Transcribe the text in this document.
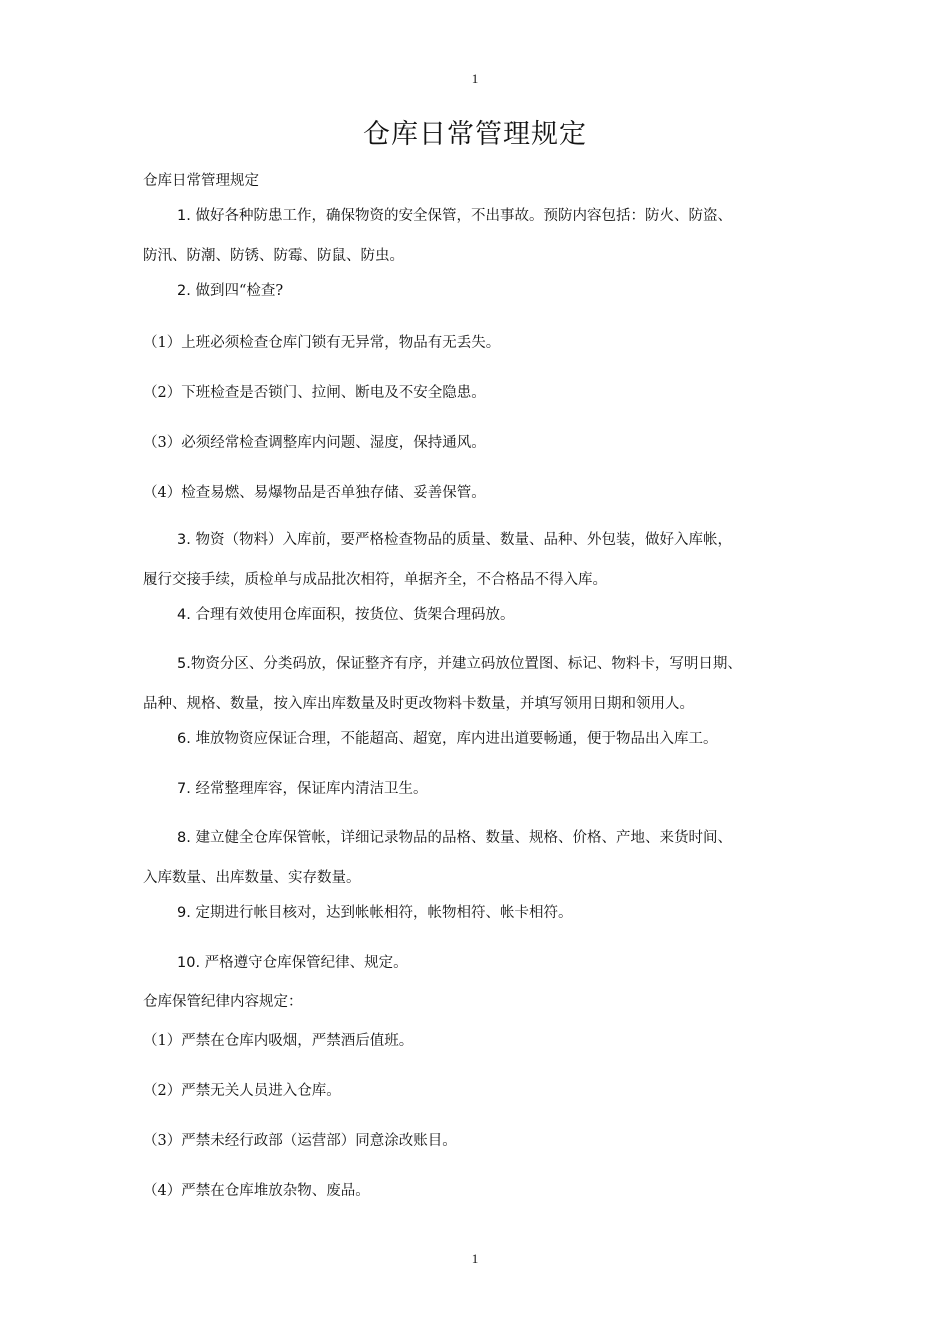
1
仓库日常管理规定
仓库日常管理规定
1. 做好各种防患工作，确保物资的安全保管，不出事故。预防内容包括：防火、防盗、
防汛、防潮、防锈、防霉、防鼠、防虫。
2. 做到四“检查?
（1）上班必须检查仓库门锁有无异常，物品有无丢失。
（2）下班检查是否锁门、拉闸、断电及不安全隐患。
（3）必须经常检查调整库内问题、湿度，保持通风。
（4）检查易燃、易爆物品是否单独存储、妥善保管。
3. 物资（物料）入库前，要严格检查物品的质量、数量、品种、外包装，做好入库帐，
履行交接手续，质检单与成品批次相符，单据齐全，不合格品不得入库。
4. 合理有效使用仓库面积，按货位、货架合理码放。
5.物资分区、分类码放，保证整齐有序，并建立码放位置图、标记、物料卡，写明日期、
品种、规格、数量，按入库出库数量及时更改物料卡数量，并填写领用日期和领用人。
6. 堆放物资应保证合理，不能超高、超宽，库内进出道要畅通，便于物品出入库工。
7. 经常整理库容，保证库内清洁卫生。
8. 建立健全仓库保管帐，详细记录物品的品格、数量、规格、价格、产地、来货时间、
入库数量、出库数量、实存数量。
9. 定期进行帐目核对，达到帐帐相符，帐物相符、帐卡相符。
10. 严格遵守仓库保管纪律、规定。
仓库保管纪律内容规定：
（1）严禁在仓库内吸烟，严禁酒后值班。
（2）严禁无关人员进入仓库。
（3）严禁未经行政部（运营部）同意涂改账目。
（4）严禁在仓库堆放杂物、废品。
1
